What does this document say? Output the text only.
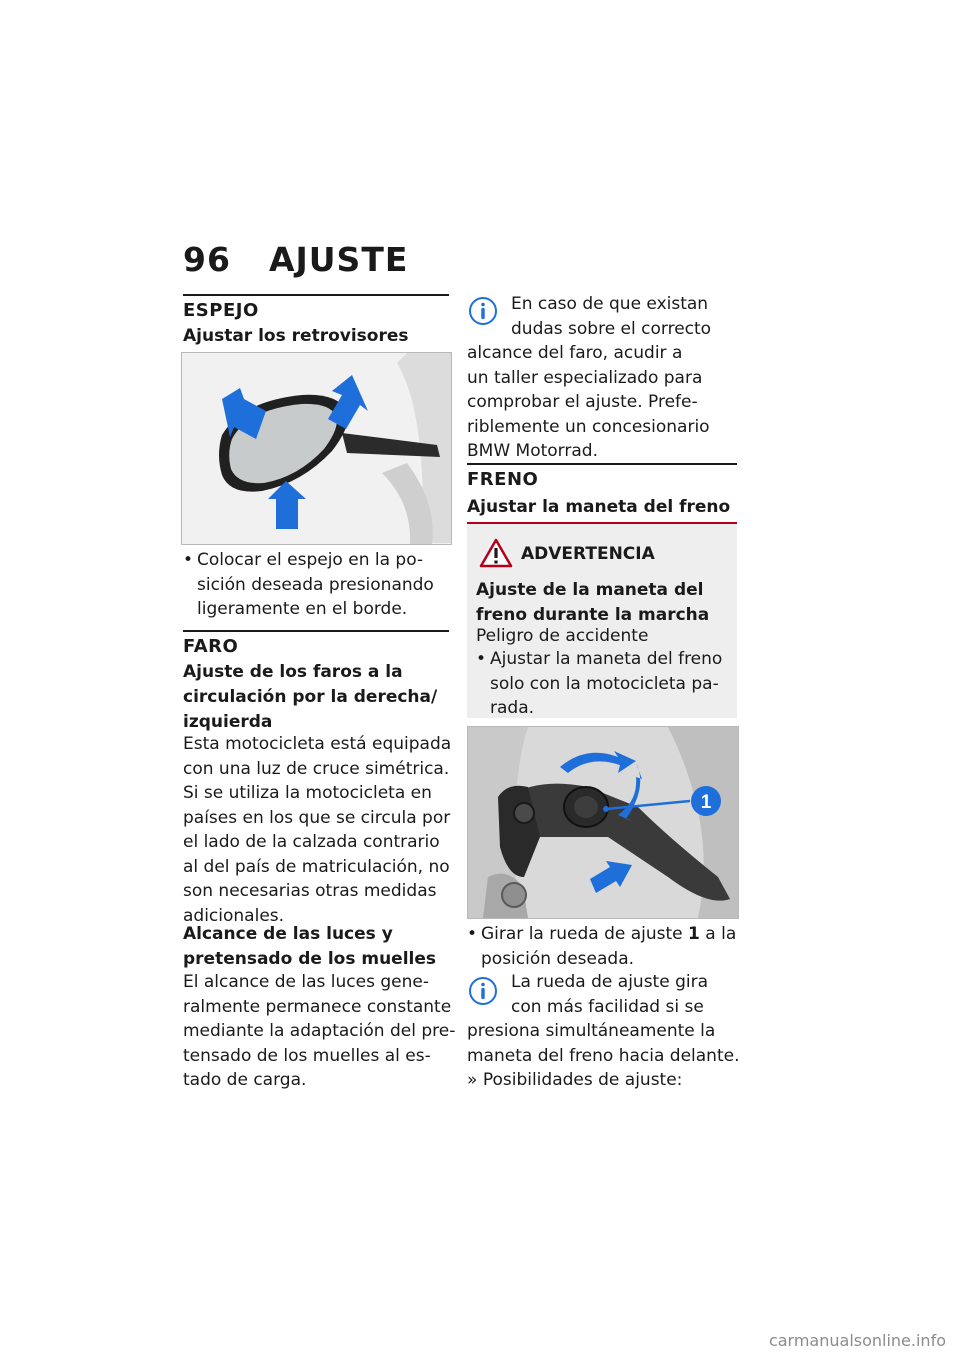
96 AJUSTE
ESPEJO
Ajustar los retrovisores
• Colocar el espejo en la po-
sición deseada presionando
ligeramente en el borde.
FARO
Ajuste de los faros a la
circulación por la derecha/
izquierda
Esta motocicleta está equipada
con una luz de cruce simétrica.
Si se utiliza la motocicleta en
países en los que se circula por
el lado de la calzada contrario
al del país de matriculación, no
son necesarias otras medidas
adicionales.
Alcance de las luces y
pretensado de los muelles
El alcance de las luces gene-
ralmente permanece constante
mediante la adaptación del pre-
tensado de los muelles al es-
tado de carga.
En caso de que existan
dudas sobre el correcto
alcance del faro, acudir a
un taller especializado para
comprobar el ajuste. Prefe-
riblemente un concesionario
BMW Motorrad.
FRENO
Ajustar la maneta del freno
ADVERTENCIA
Ajuste de la maneta del
freno durante la marcha
Peligro de accidente
• Ajustar la maneta del freno
solo con la motocicleta pa-
rada.
1
• Girar la rueda de ajuste 1 a la
posición deseada.
La rueda de ajuste gira
con más facilidad si se
presiona simultáneamente la
maneta del freno hacia delante.
» Posibilidades de ajuste:
carmanualsonline.info
